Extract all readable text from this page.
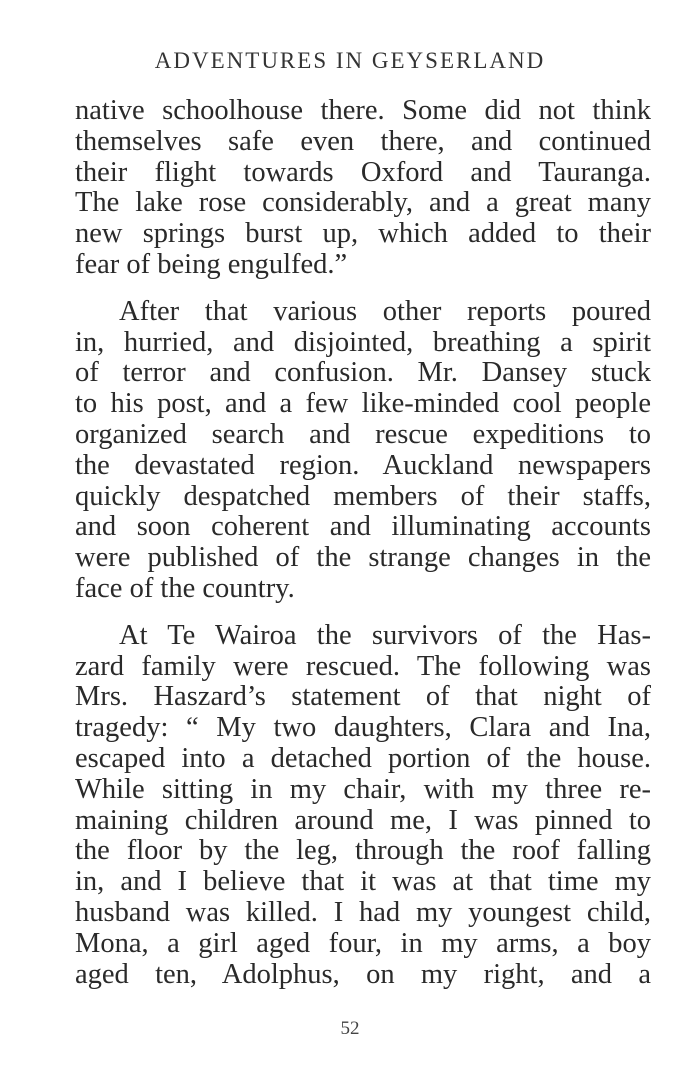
ADVENTURES IN GEYSERLAND
native schoolhouse there. Some did not think
themselves safe even there, and continued
their flight towards Oxford and Tauranga.
The lake rose considerably, and a great many
new springs burst up, which added to their
fear of being engulfed.”
After that various other reports poured
in, hurried, and disjointed, breathing a spirit
of terror and confusion. Mr. Dansey stuck
to his post, and a few like-minded cool people
organized search and rescue expeditions to
the devastated region. Auckland newspapers
quickly despatched members of their staffs,
and soon coherent and illuminating accounts
were published of the strange changes in the
face of the country.
At Te Wairoa the survivors of the Has-
zard family were rescued. The following was
Mrs. Haszard’s statement of that night of
tragedy: “ My two daughters, Clara and Ina,
escaped into a detached portion of the house.
While sitting in my chair, with my three re-
maining children around me, I was pinned to
the floor by the leg, through the roof falling
in, and I believe that it was at that time my
husband was killed. I had my youngest child,
Mona, a girl aged four, in my arms, a boy
aged ten, Adolphus, on my right, and a
52
